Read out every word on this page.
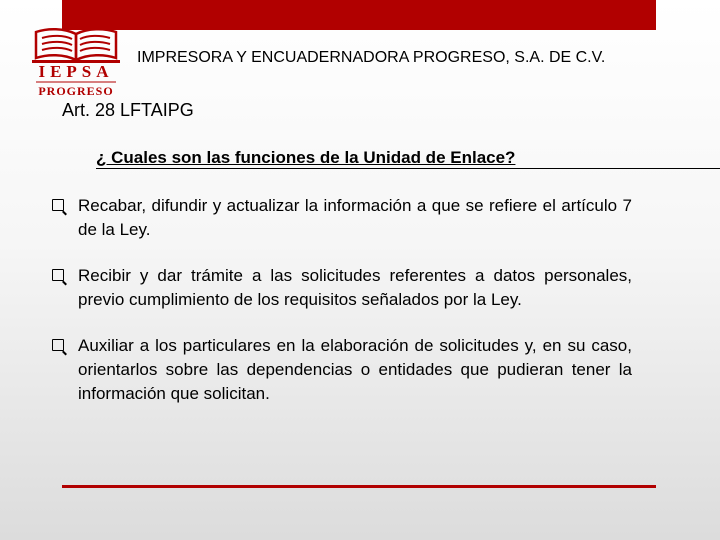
IEPSA
PROGRESO
IMPRESORA Y ENCUADERNADORA PROGRESO, S.A. DE C.V.
Art. 28 LFTAIPG
¿ Cuales son las funciones de la Unidad de Enlace?
Recabar, difundir y actualizar la información a que se refiere el artículo 7 de la Ley.
Recibir y dar trámite a las solicitudes referentes a datos personales, previo cumplimiento de los requisitos señalados por la Ley.
Auxiliar a los particulares en la elaboración de solicitudes y, en su caso, orientarlos sobre las dependencias o entidades que pudieran tener la información que solicitan.
